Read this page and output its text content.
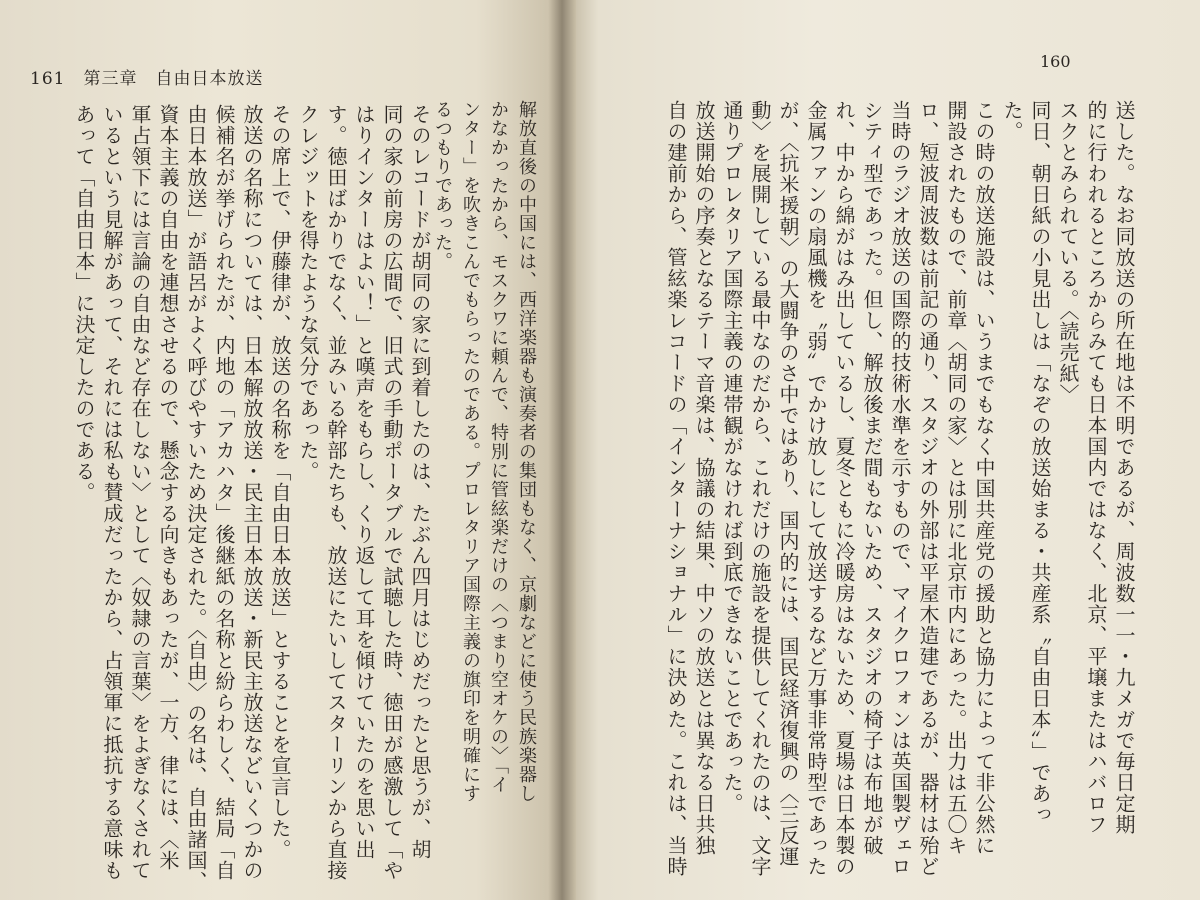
161　第三章　自由日本放送
160
解放直後の中国には、西洋楽器も演奏者の集団もなく、京劇などに使う民族楽器し
かなかったから、モスクワに頼んで、特別に管絃楽だけの〈つまり空オケの〉「イ
ンター」を吹きこんでもらったのである。プロレタリア国際主義の旗印を明確にす
るつもりであった。
そのレコードが胡同の家に到着したのは、たぶん四月はじめだったと思うが、胡
同の家の前房の広間で、旧式の手動ポータブルで試聴した時、徳田が感激して「や
はりインターはよい！」と嘆声をもらし、くり返して耳を傾けていたのを思い出
す。徳田ばかりでなく、並みいる幹部たちも、放送にたいしてスターリンから直接
クレジットを得たような気分であった。
その席上で、伊藤律が、放送の名称を「自由日本放送」とすることを宣言した。
放送の名称については、日本解放放送・民主日本放送・新民主放送などいくつかの
候補名が挙げられたが、内地の「アカハタ」後継紙の名称と紛らわしく、結局「自
由日本放送」が語呂がよく呼びやすいため決定された。〈自由〉の名は、自由諸国、
資本主義の自由を連想させるので、懸念する向きもあったが、一方、律には、〈米
軍占領下には言論の自由など存在しない〉として〈奴隷の言葉〉をよぎなくされて
いるという見解があって、それには私も賛成だったから、占領軍に抵抗する意味も
あって「自由日本」に決定したのである。	送した。なお同放送の所在地は不明であるが、周波数一一・九メガで毎日定期
的に行われるところからみても日本国内ではなく、北京、平壌またはハバロフ
スクとみられている。〈読売紙〉
同日、朝日紙の小見出しは「なぞの放送始まる・共産系〝自由日本〟」であっ
た。
この時の放送施設は、いうまでもなく中国共産党の援助と協力によって非公然に
開設されたもので、前章〈胡同の家〉とは別に北京市内にあった。出力は五〇キ
ロ、短波周波数は前記の通り、スタジオの外部は平屋木造建であるが、器材は殆ど
当時のラジオ放送の国際的技術水準を示すもので、マイクロフォンは英国製ヴェロ
シティ型であった。但し、解放後まだ間もないため、スタジオの椅子は布地が破
れ、中から綿がはみ出しているし、夏冬ともに冷暖房はないため、夏場は日本製の
金属ファンの扇風機を〝弱〟でかけ放しにして放送するなど万事非常時型であった
が、〈抗米援朝〉の大闘争のさ中ではあり、国内的には、国民経済復興の〈三反運
動〉を展開している最中なのだから、これだけの施設を提供してくれたのは、文字
通りプロレタリア国際主義の連帯観がなければ到底できないことであった。
放送開始の序奏となるテーマ音楽は、協議の結果、中ソの放送とは異なる日共独
自の建前から、管絃楽レコードの「インターナショナル」に決めた。これは、当時
